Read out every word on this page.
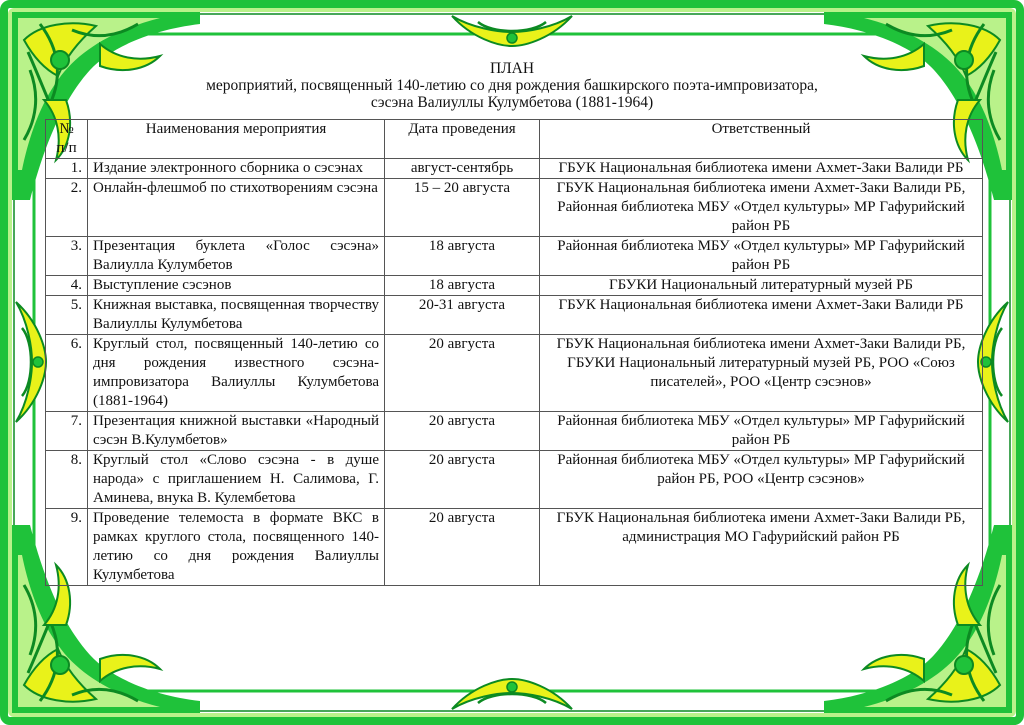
ПЛАН
мероприятий, посвященный 140-летию со дня рождения башкирского поэта-импровизатора,
сэсэна Валиуллы Кулумбетова (1881-1964)
№
п/п	Наименования мероприятия	Дата проведения	Ответственный
1.	Издание электронного сборника о сэсэнах	август-сентябрь	ГБУК Национальная библиотека имени Ахмет-Заки Валиди РБ
2.	Онлайн-флешмоб по стихотворениям сэсэна	15 – 20 августа	ГБУК Национальная библиотека имени Ахмет-Заки Валиди РБ,
Районная библиотека МБУ «Отдел культуры» МР Гафурийский район РБ
3.	Презентация буклета «Голос сэсэна» Валиулла Кулумбетов	18 августа	Районная библиотека МБУ «Отдел культуры» МР Гафурийский район РБ
4.	Выступление сэсэнов	18 августа	ГБУКИ Национальный литературный музей РБ
5.	Книжная выставка, посвященная творчеству Валиуллы Кулумбетова	20-31 августа	ГБУК Национальная библиотека имени Ахмет-Заки Валиди РБ
6.	Круглый стол, посвященный 140-летию со дня рождения известного сэсэна-импровизатора Валиуллы Кулумбетова (1881-1964)	20 августа	ГБУК Национальная библиотека имени Ахмет-Заки Валиди РБ, ГБУКИ Национальный литературный музей РБ, РОО «Союз писателей», РОО «Центр сэсэнов»
7.	Презентация книжной выставки «Народный сэсэн В.Кулумбетов»	20 августа	Районная библиотека МБУ «Отдел культуры» МР Гафурийский район РБ
8.	Круглый стол «Слово сэсэна - в душе народа» с приглашением Н. Салимова, Г. Аминева, внука В. Кулембетова	20 августа	Районная библиотека МБУ «Отдел культуры» МР Гафурийский район РБ, РОО «Центр сэсэнов»
9.	Проведение телемоста в формате ВКС в рамках круглого стола, посвященного 140-летию со дня рождения Валиуллы Кулумбетова	20 августа	ГБУК Национальная библиотека имени Ахмет-Заки Валиди РБ, администрация МО Гафурийский район РБ
